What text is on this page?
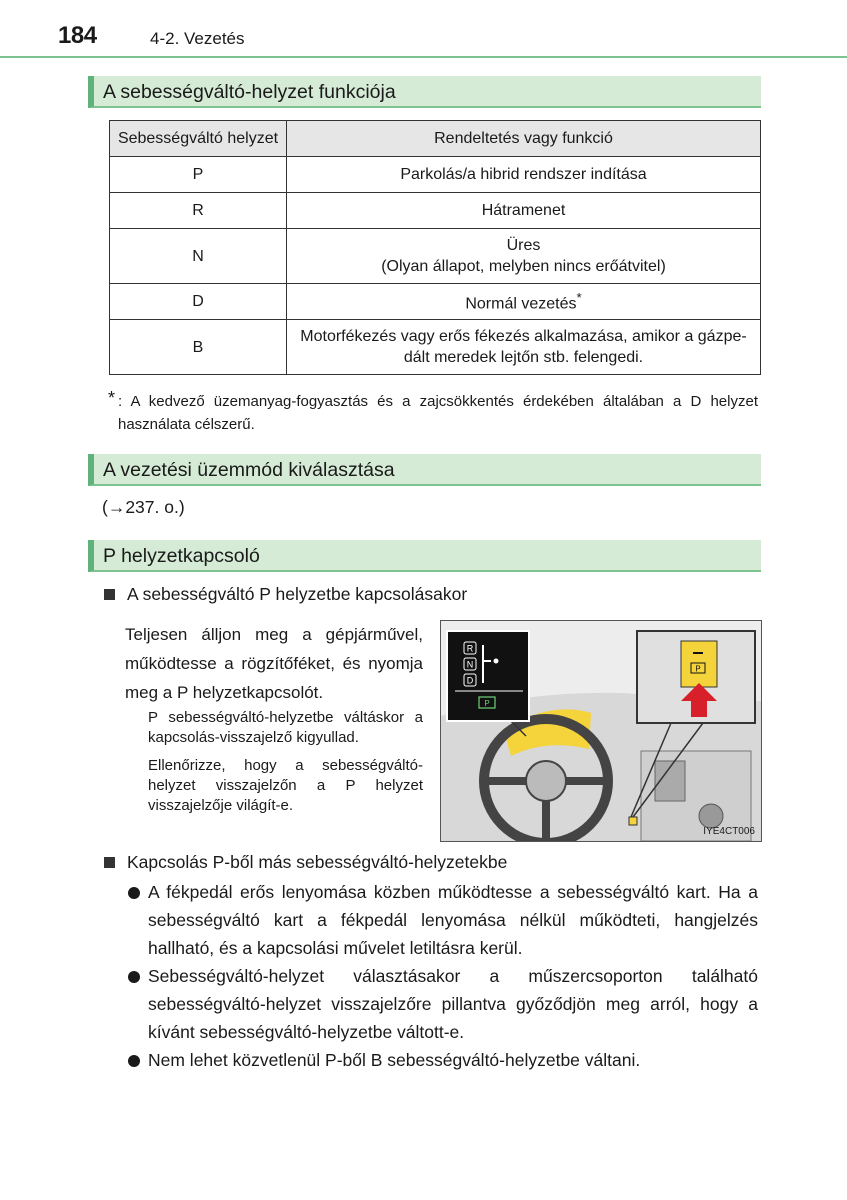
184	4-2. Vezetés
A sebességváltó-helyzet funkciója
Sebességváltó helyzet	Rendeltetés vagy funkció
P	Parkolás/a hibrid rendszer indítása
R	Hátramenet
N	Üres
(Olyan állapot, melyben nincs erőátvitel)
D	Normál vezetés*
B	Motorfékezés vagy erős fékezés alkalmazása, amikor a gázpe-
dált meredek lejtőn stb. felengedi.
* : A kedvező üzemanyag-fogyasztás és a zajcsökkentés érdekében általában a D helyzet használata célszerű.
A vezetési üzemmód kiválasztása
(→237. o.)
P helyzetkapcsoló
A sebességváltó P helyzetbe kapcsolásakor
Teljesen álljon meg a gépjárművel, működtesse a rögzítőféket, és nyomja meg a P helyzetkapcsolót.
P sebességváltó-helyzetbe váltáskor a kapcsolás-visszajelző kigyullad.
Ellenőrizze, hogy a sebességváltó-helyzet visszajelzőn a P helyzet visszajelzője világít-e.
R
N
D
P
P
IYE4CT006
Kapcsolás P-ből más sebességváltó-helyzetekbe
A fékpedál erős lenyomása közben működtesse a sebességváltó kart. Ha a sebességváltó kart a fékpedál lenyomása nélkül működteti, hangjelzés hallható, és a kapcsolási művelet letiltásra kerül.
Sebességváltó-helyzet választásakor a műszercsoporton található sebességváltó-helyzet visszajelzőre pillantva győződjön meg arról, hogy a kívánt sebességváltó-helyzetbe váltott-e.
Nem lehet közvetlenül P-ből B sebességváltó-helyzetbe váltani.
